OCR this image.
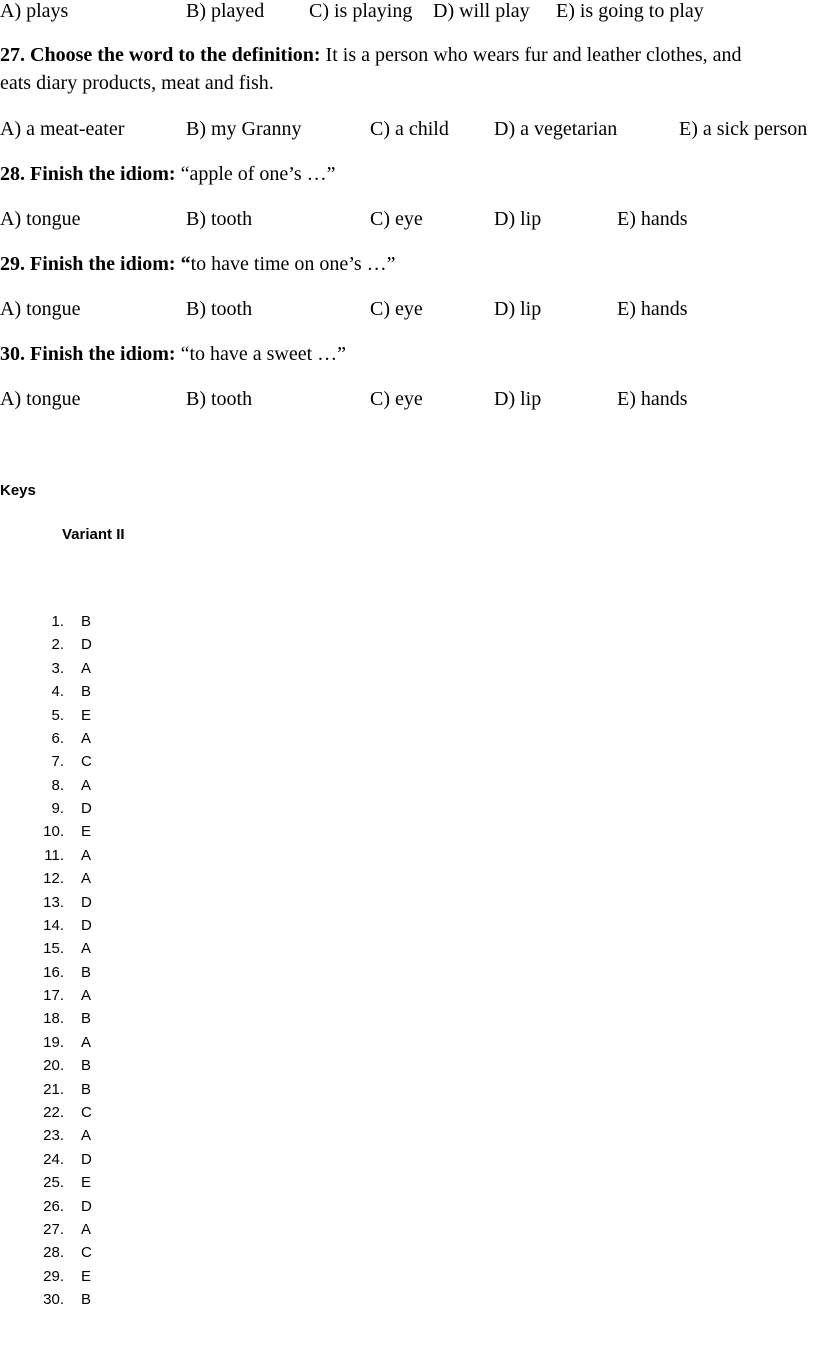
A) plays	B) played C) is playing D) will play E) is going to play
27. Choose the word to the definition: It is a person who wears fur and leather clothes, and
eats diary products, meat and fish.
A) a meat-eater	B) my Granny	C) a child D) a vegetarian	E) a sick person
28. Finish the idiom: “apple of one’s …”
A) tongue	B) tooth	C) eye	D) lip	E) hands
29. Finish the idiom: “to have time on one’s …”
A) tongue	B) tooth	C) eye	D) lip	E) hands
30. Finish the idiom: “to have a sweet …”
A) tongue	B) tooth	C) eye	D) lip	E) hands
Keys
Variant II
1. B
2. D
3. A
4. B
5. E
6. A
7. C
8. A
9. D
10. E
11. A
12. A
13. D
14. D
15. A
16. B
17. A
18. B
19. A
20. B
21. B
22. C
23. A
24. D
25. E
26. D
27. A
28. C
29. E
30. B
